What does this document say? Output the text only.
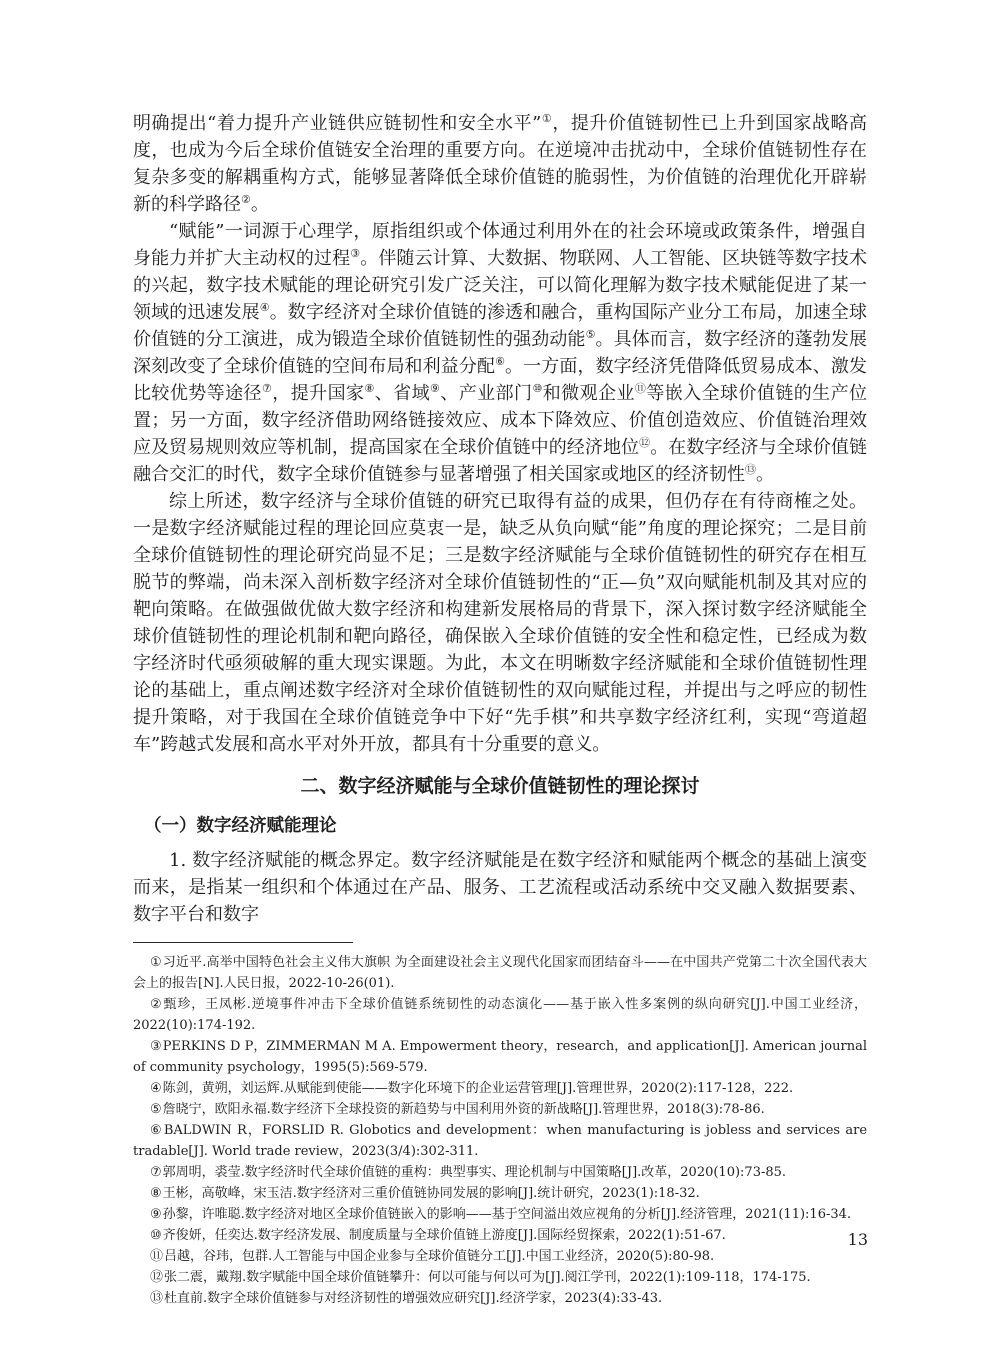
明确提出“着力提升产业链供应链韧性和安全水平”①，提升价值链韧性已上升到国家战略高度，也成为今后全球价值链安全治理的重要方向。在逆境冲击扰动中，全球价值链韧性存在复杂多变的解耦重构方式，能够显著降低全球价值链的脆弱性，为价值链的治理优化开辟崭新的科学路径②。

“赋能”一词源于心理学，原指组织或个体通过利用外在的社会环境或政策条件，增强自身能力并扩大主动权的过程③。伴随云计算、大数据、物联网、人工智能、区块链等数字技术的兴起，数字技术赋能的理论研究引发广泛关注，可以简化理解为数字技术赋能促进了某一领域的迅速发展④。数字经济对全球价值链的渗透和融合，重构国际产业分工布局，加速全球价值链的分工演进，成为锻造全球价值链韧性的强劲动能⑤。具体而言，数字经济的蓬勃发展深刻改变了全球价值链的空间布局和利益分配⑥。一方面，数字经济凭借降低贸易成本、激发比较优势等途径⑦，提升国家⑧、省域⑨、产业部门⑩和微观企业⑪等嵌入全球价值链的生产位置；另一方面，数字经济借助网络链接效应、成本下降效应、价值创造效应、价值链治理效应及贸易规则效应等机制，提高国家在全球价值链中的经济地位⑫。在数字经济与全球价值链融合交汇的时代，数字全球价值链参与显著增强了相关国家或地区的经济韧性⑬。

综上所述，数字经济与全球价值链的研究已取得有益的成果，但仍存在有待商榷之处。一是数字经济赋能过程的理论回应莫衷一是，缺乏从负向赋“能”角度的理论探究；二是目前全球价值链韧性的理论研究尚显不足；三是数字经济赋能与全球价值链韧性的研究存在相互脱节的弊端，尚未深入剖析数字经济对全球价值链韧性的“正—负”双向赋能机制及其对应的靶向策略。在做强做优做大数字经济和构建新发展格局的背景下，深入探讨数字经济赋能全球价值链韧性的理论机制和靶向路径，确保嵌入全球价值链的安全性和稳定性，已经成为数字经济时代亟须破解的重大现实课题。为此，本文在明晰数字经济赋能和全球价值链韧性理论的基础上，重点阐述数字经济对全球价值链韧性的双向赋能过程，并提出与之呼应的韧性提升策略，对于我国在全球价值链竞争中下好“先手棋”和共享数字经济红利，实现“弯道超车”跨越式发展和高水平对外开放，都具有十分重要的意义。

二、数字经济赋能与全球价值链韧性的理论探讨
（一）数字经济赋能理论

1. 数字经济赋能的概念界定。数字经济赋能是在数字经济和赋能两个概念的基础上演变而来，是指某一组织和个体通过在产品、服务、工艺流程或活动系统中交叉融入数据要素、数字平台和数字

①习近平.高举中国特色社会主义伟大旗帜 为全面建设社会主义现代化国家而团结奋斗——在中国共产党第二十次全国代表大会上的报告[N].人民日报，2022-10-26(01).

②甄珍，王凤彬.逆境事件冲击下全球价值链系统韧性的动态演化——基于嵌入性多案例的纵向研究[J].中国工业经济，2022(10):174-192.

③PERKINS D P，ZIMMERMAN M A. Empowerment theory，research，and application[J]. American journal of community psychology，1995(5):569-579.

④陈剑，黄朔，刘运辉.从赋能到使能——数字化环境下的企业运营管理[J].管理世界，2020(2):117-128，222.

⑤詹晓宁，欧阳永福.数字经济下全球投资的新趋势与中国利用外资的新战略[J].管理世界，2018(3):78-86.

⑥BALDWIN R，FORSLID R. Globotics and development：when manufacturing is jobless and services are tradable[J]. World trade review，2023(3/4):302-311.

⑦郭周明，裘莹.数字经济时代全球价值链的重构：典型事实、理论机制与中国策略[J].改革，2020(10):73-85.

⑧王彬，高敬峰，宋玉洁.数字经济对三重价值链协同发展的影响[J].统计研究，2023(1):18-32.

⑨孙黎，许唯聪.数字经济对地区全球价值链嵌入的影响——基于空间溢出效应视角的分析[J].经济管理，2021(11):16-34.

⑩齐俊妍，任奕达.数字经济发展、制度质量与全球价值链上游度[J].国际经贸探索，2022(1):51-67.

⑪吕越，谷玮，包群.人工智能与中国企业参与全球价值链分工[J].中国工业经济，2020(5):80-98.

⑫张二震，戴翔.数字赋能中国全球价值链攀升：何以可能与何以可为[J].阅江学刊，2022(1):109-118，174-175.

⑬杜直前.数字全球价值链参与对经济韧性的增强效应研究[J].经济学家，2023(4):33-43.

13
